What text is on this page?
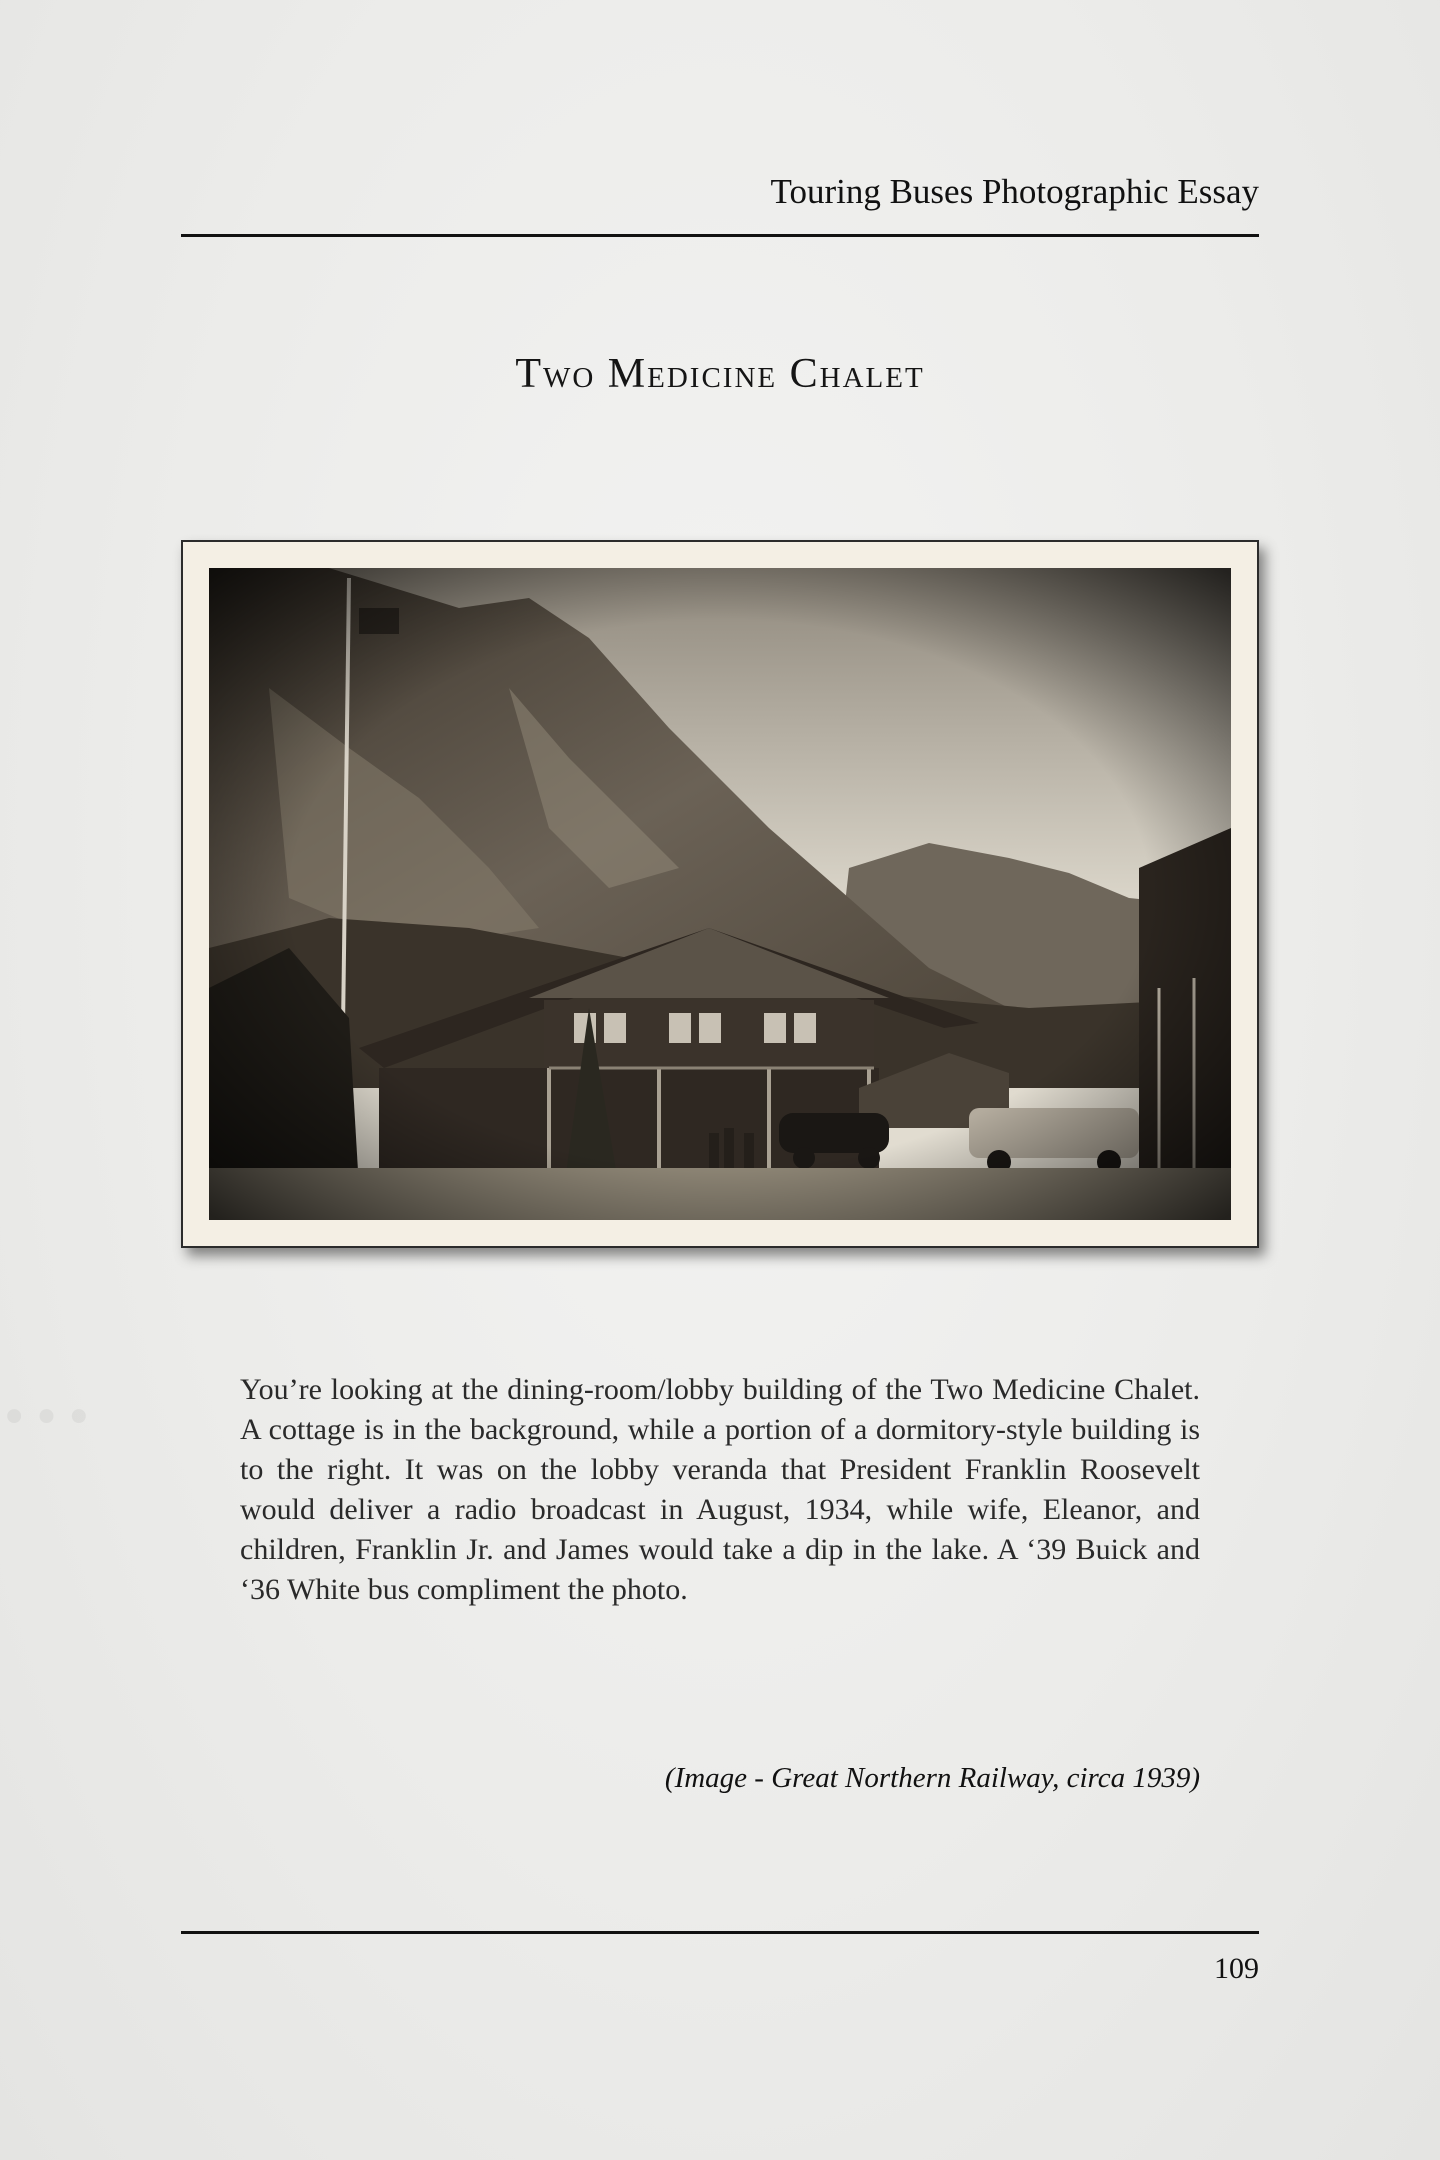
•••
Touring Buses Photographic Essay
Two Medicine Chalet
You’re looking at the dining-room/lobby building of the Two Medicine Chalet. A cottage is in the background, while a portion of a dormitory-style building is to the right. It was on the lobby veranda that President Franklin Roosevelt would deliver a radio broadcast in August, 1934, while wife, Eleanor, and children, Franklin Jr. and James would take a dip in the lake. A ‘39 Buick and ‘36 White bus compliment the photo.
(Image - Great Northern Railway, circa 1939)
109
